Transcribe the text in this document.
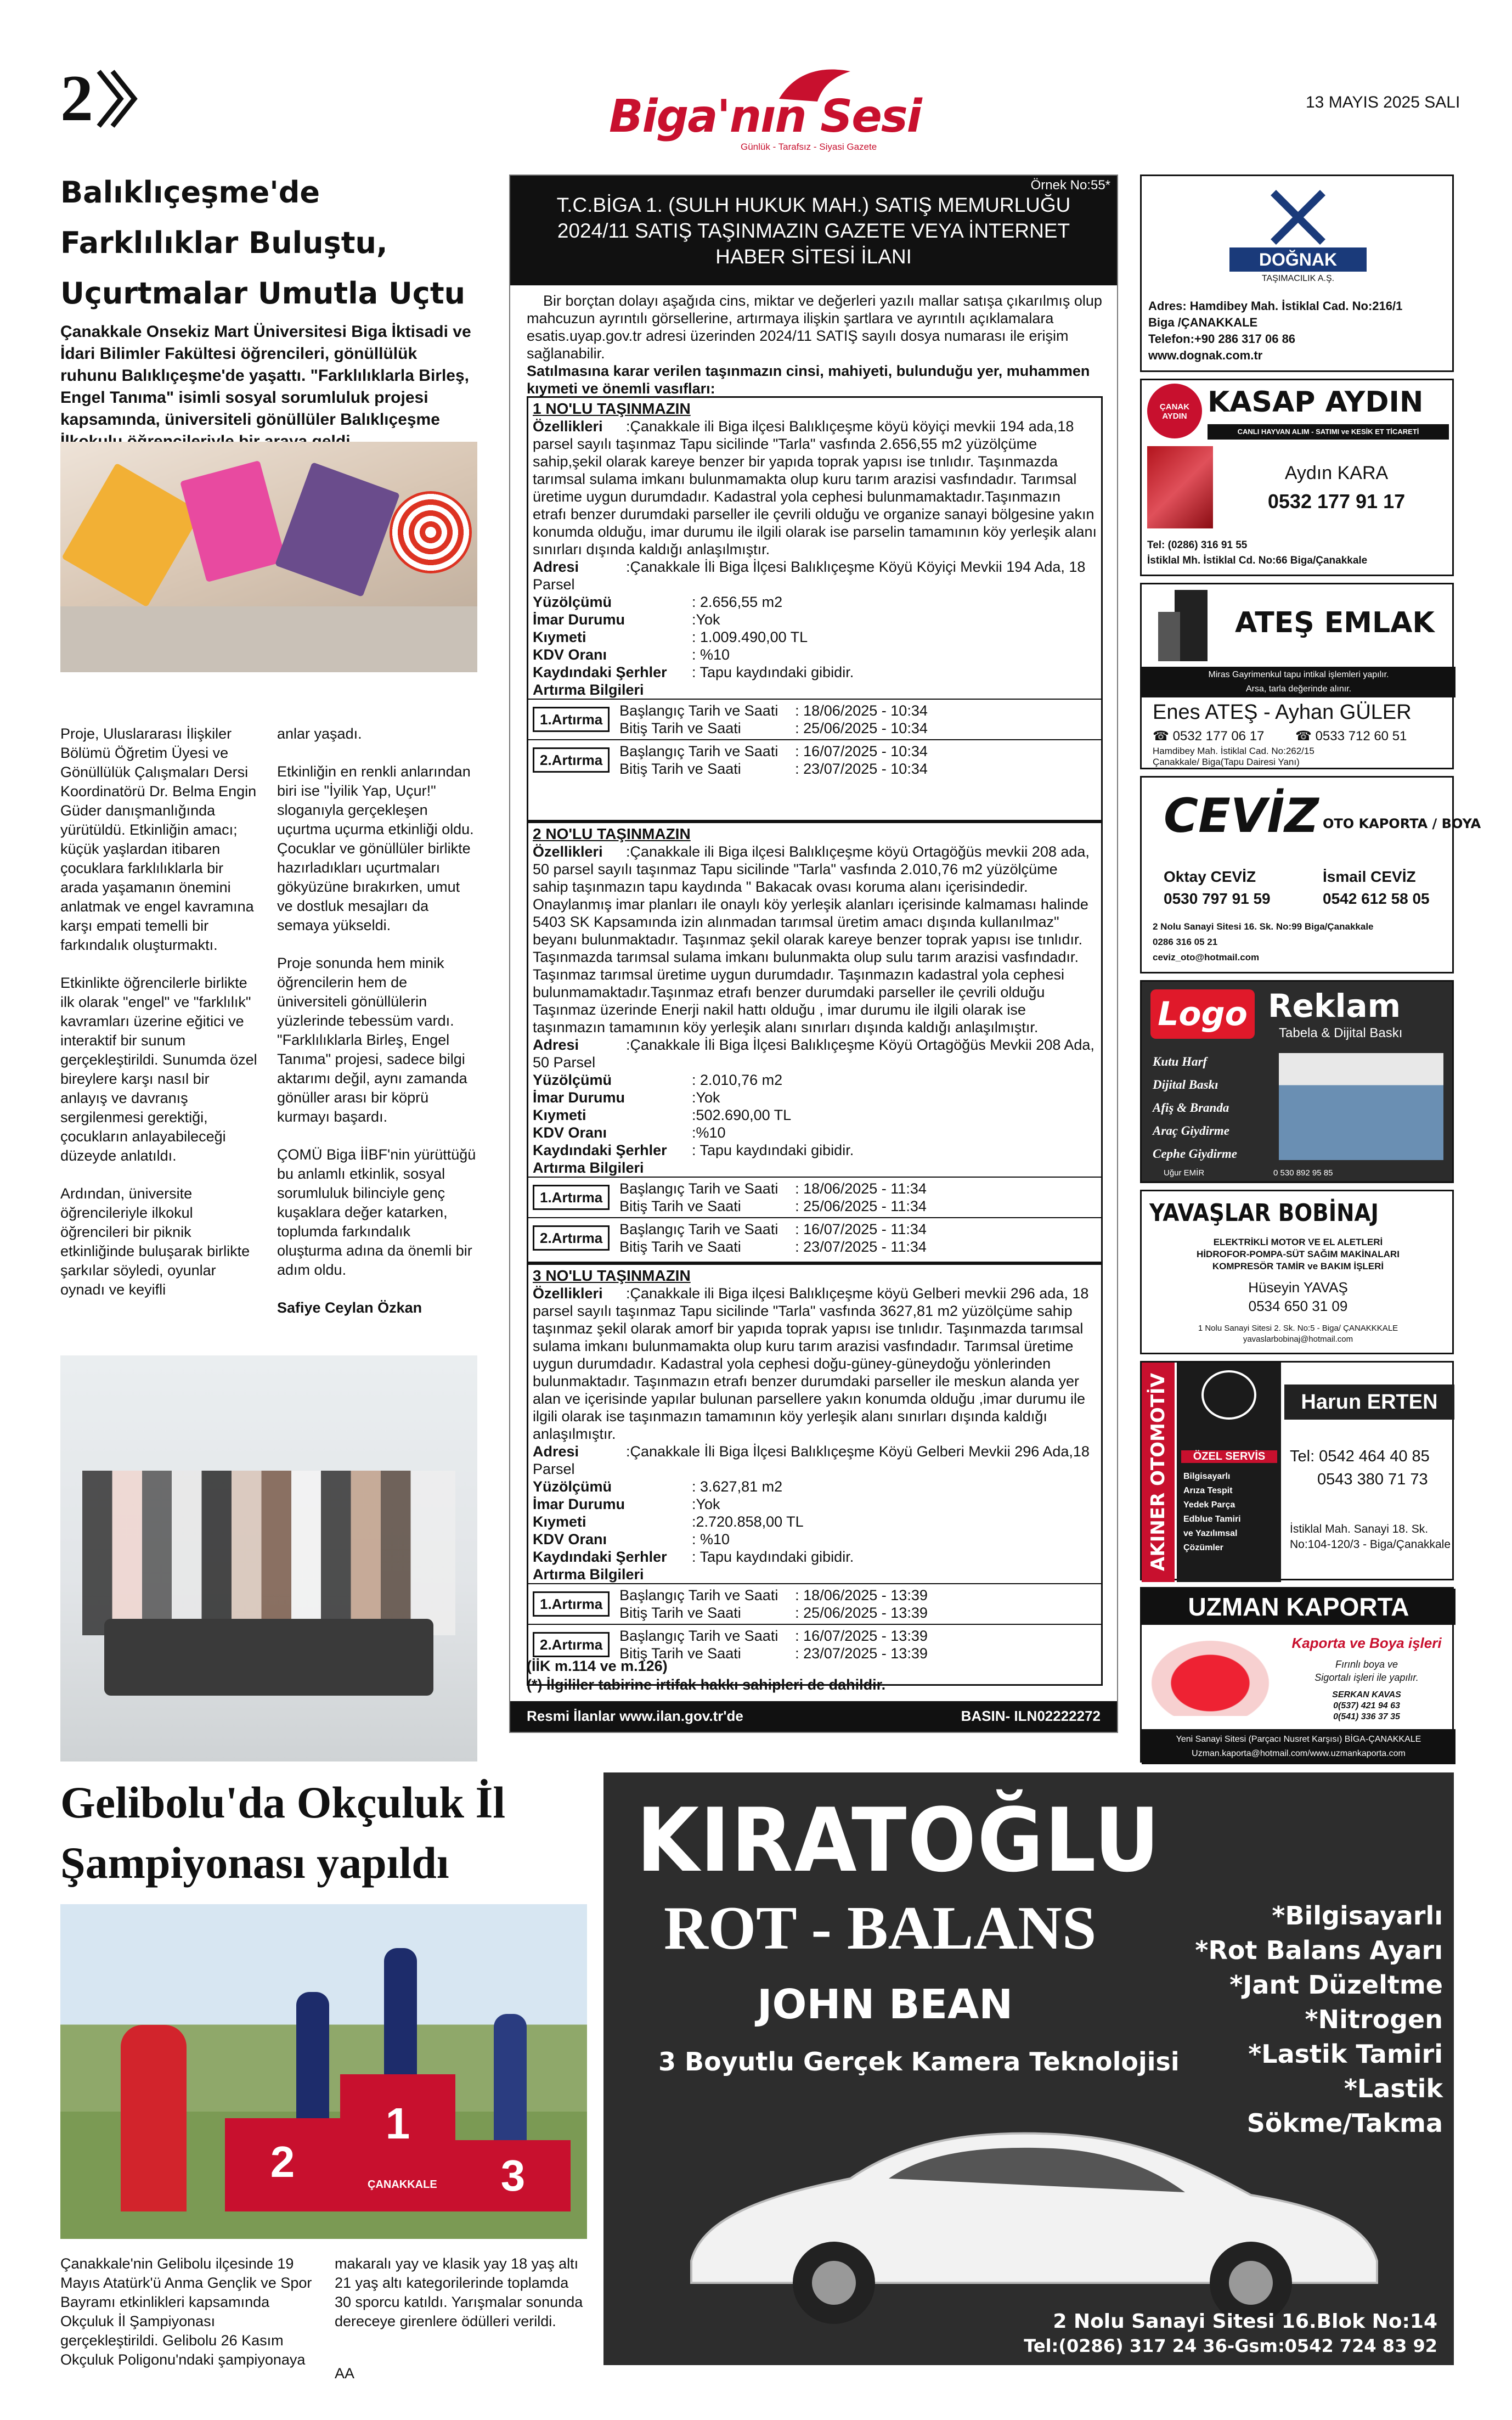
2	Biga'nın Sesi
Günlük - Tarafsız - Siyasi Gazete
13 MAYIS 2025 SALI
Balıklıçeşme'de
Farklılıklar Buluştu,
Uçurtmalar Umutla Uçtu
Çanakkale Onsekiz Mart Üniversitesi Biga İktisadi ve İdari Bilimler Fakültesi öğrencileri, gönüllülük ruhunu Balıklıçeşme'de yaşattı. "Farklılıklarla Birleş, Engel Tanıma" isimli sosyal sorumluluk projesi kapsamında, üniversiteli gönüllüler Balıklıçeşme

Proje, Uluslararası İlişkiler Bölümü Öğretim Üyesi ve Gönüllülük Çalışmaları Dersi Koordinatörü Dr. Belma Engin Güder danışmanlığında yürütüldü. Etkinliğin amacı; küçük yaşlardan itibaren çocuklara farklılıklarla bir arada yaşamanın önemini anlatmak ve engel kavramına karşı empati temelli bir farkındalık oluşturmaktı.

Etkinlikte öğrencilerle birlikte ilk olarak "engel" ve "farklılık" kavramları üzerine eğitici ve interaktif bir sunum gerçekleştirildi. Sunumda özel bireylere karşı nasıl bir anlayış ve davranış sergilenmesi gerektiği, çocukların anlayabileceği düzeyde anlatıldı.

Ardından, üniversite öğrencileriyle ilkokul öğrencileri bir piknik etkinliğinde buluşarak birlikte şarkılar söyledi, oyunlar oynadı ve keyifli

anlar yaşadı.

Etkinliğin en renkli anlarından biri ise "İyilik Yap, Uçur!" sloganıyla gerçekleşen uçurtma uçurma etkinliği oldu. Çocuklar ve gönüllüler birlikte hazırladıkları uçurtmaları gökyüzüne bırakırken, umut ve dostluk mesajları da semaya yükseldi.

Proje sonunda hem minik öğrencilerin hem de üniversiteli gönüllülerin yüzlerinde tebessüm vardı. "Farklılıklarla Birleş, Engel Tanıma" projesi, sadece bilgi aktarımı değil, aynı zamanda gönüller arası bir köprü kurmayı başardı.

ÇOMÜ Biga İİBF'nin yürüttüğü bu anlamlı etkinlik, sosyal sorumluluk bilinciyle genç kuşaklara değer katarken, toplumda farkındalık oluşturma adına da önemli bir adım oldu.

Safiye Ceylan Özkan

Örnek No:55*
T.C.BİGA 1. (SULH HUKUK MAH.) SATIŞ MEMURLUĞU 2024/11 SATIŞ TAŞINMAZIN GAZETE VEYA İNTERNET HABER SİTESİ İLANI
Bir borçtan dolayı aşağıda cins, miktar ve değerleri yazılı mallar satışa çıkarılmış olup mahcuzun ayrıntılı görsellerine, artırmaya ilişkin şartlara ve ayrıntılı açıklamalara esatis.uyap.gov.tr adresi üzerinden 2024/11 SATIŞ sayılı dosya numarası ile erişim sağlanabilir.
Satılmasına karar verilen taşınmazın cinsi, mahiyeti, bulunduğu yer, muhammen kıymeti ve önemli vasıfları:
1 NO'LU TAŞINMAZIN
Özellikleri :Çanakkale ili Biga ilçesi Balıklıçeşme köyü köyiçi mevkii 194 ada,18 parsel sayılı taşınmaz Tapu sicilinde "Tarla" vasfında 2.656,55 m2 yüzölçüme sahip,şekil olarak kareye benzer bir yapıda toprak yapısı ise tınlıdır. Taşınmazda tarımsal sulama imkanı bulunmamakta olup kuru tarım arazisi vasfındadır. Tarımsal üretime uygun durumdadır. Kadastral yola cephesi bulunmamaktadır.Taşınmazın etrafı benzer durumdaki parseller ile çevrili olduğu ve organize sanayi bölgesine yakın konumda olduğu, imar durumu ile ilgili olarak ise parselin tamamının köy yerleşik alanı sınırları dışında kaldığı anlaşılmıştır.
Adresi	:Çanakkale İli Biga İlçesi Balıklıçeşme Köyü Köyiçi Mevkii 194 Ada, 18 Parsel
Yüzölçümü	: 2.656,55 m2
İmar Durumu	:Yok
Kıymeti	: 1.009.490,00 TL
KDV Oranı	: %10
Kaydındaki Şerhler : Tapu kaydındaki gibidir.
Artırma Bilgileri
1.Artırma
Başlangıç Tarih ve Saati : 18/06/2025 - 10:34
Bitiş Tarih ve Saati	: 25/06/2025 - 10:34
2.Artırma
Başlangıç Tarih ve Saati : 16/07/2025 - 10:34
Bitiş Tarih ve Saati	: 23/07/2025 - 10:34
2 NO'LU TAŞINMAZIN
Özellikleri :Çanakkale ili Biga ilçesi Balıklıçeşme köyü Ortagöğüs mevkii 208 ada, 50 parsel sayılı taşınmaz Tapu sicilinde "Tarla" vasfında 2.010,76 m2 yüzölçüme sahip taşınmazın tapu kaydında " Bakacak ovası koruma alanı içerisindedir. Onaylanmış imar planları ile onaylı köy yerleşik alanları içerisinde kalmaması halinde 5403 SK Kapsamında izin alınmadan tarımsal üretim amacı dışında kullanılmaz" beyanı bulunmaktadır. Taşınmaz şekil olarak kareye benzer toprak yapısı ise tınlıdır. Taşınmazda tarımsal sulama imkanı bulunmakta olup sulu tarım arazisi vasfındadır. Taşınmaz tarımsal üretime uygun durumdadır. Taşınmazın kadastral yola cephesi bulunmamaktadır.Taşınmaz etrafı benzer durumdaki parseller ile çevrili olduğu Taşınmaz üzerinde Enerji nakil hattı olduğu , imar durumu ile ilgili olarak ise taşınmazın tamamının köy yerleşik alanı sınırları dışında kaldığı anlaşılmıştır.
Adresi	:Çanakkale İli Biga İlçesi Balıklıçeşme Köyü Ortagöğüs Mevkii 208 Ada, 50 Parsel
Yüzölçümü	: 2.010,76 m2
İmar Durumu	:Yok
Kıymeti	:502.690,00 TL
KDV Oranı	:%10
Kaydındaki Şerhler : Tapu kaydındaki gibidir.
Artırma Bilgileri
1.Artırma
Başlangıç Tarih ve Saati : 18/06/2025 - 11:34
Bitiş Tarih ve Saati	: 25/06/2025 - 11:34
2.Artırma
Başlangıç Tarih ve Saati : 16/07/2025 - 11:34
Bitiş Tarih ve Saati	: 23/07/2025 - 11:34
3 NO'LU TAŞINMAZIN
Özellikleri :Çanakkale ili Biga ilçesi Balıklıçeşme köyü Gelberi mevkii 296 ada, 18 parsel sayılı taşınmaz Tapu sicilinde "Tarla" vasfında 3627,81 m2 yüzölçüme sahip taşınmaz şekil olarak amorf bir yapıda toprak yapısı ise tınlıdır. Taşınmazda tarımsal sulama imkanı bulunmamakta olup kuru tarım arazisi vasfındadır. Tarımsal üretime uygun durumdadır. Kadastral yola cephesi doğu-güney-güneydoğu yönlerinden bulunmaktadır. Taşınmazın etrafı benzer durumdaki parseller ile meskun alanda yer alan ve içerisinde yapılar bulunan parsellere yakın konumda olduğu ,imar durumu ile ilgili olarak ise taşınmazın tamamının köy yerleşik alanı sınırları dışında kaldığı anlaşılmıştır.
Adresi	:Çanakkale İli Biga İlçesi Balıklıçeşme Köyü Gelberi Mevkii 296 Ada,18 Parsel
Yüzölçümü	: 3.627,81 m2
İmar Durumu	:Yok
Kıymeti	:2.720.858,00 TL
KDV Oranı	: %10
Kaydındaki Şerhler : Tapu kaydındaki gibidir.
Artırma Bilgileri
1.Artırma
Başlangıç Tarih ve Saati : 18/06/2025 - 13:39
Bitiş Tarih ve Saati	: 25/06/2025 - 13:39
2.Artırma
Başlangıç Tarih ve Saati : 16/07/2025 - 13:39
Bitiş Tarih ve Saati	: 23/07/2025 - 13:39
(İİK m.114 ve m.126)
(*) İlgililer tabirine irtifak hakkı sahipleri de dahildir.
Resmi İlanlar www.ilan.gov.tr'de	BASIN- ILN02222272
DOĞNAK
TAŞIMACILIK A.Ş.
Adres: Hamdibey Mah. İstiklal Cad. No:216/1
Biga /ÇANAKKALE
Telefon:+90 286 317 06 86
www.dognak.com.tr
ÇANAK AYDIN KASAP AYDIN
CANLI HAYVAN ALIM - SATIMI ve KESİK ET TİCARETİ
Aydın KARA
0532 177 91 17
Tel: (0286) 316 91 55
İstiklal Mh. İstiklal Cd. No:66 Biga/Çanakkale
ATEŞ EMLAK
Miras Gayrimenkul tapu intikal işlemleri yapılır.
Arsa, tarla değerinde alınır.
Enes ATEŞ - Ayhan GÜLER
☎ 0532 177 06 17 ☎ 0533 712 60 51
Hamdibey Mah. İstiklal Cad. No:262/15
Çanakkale/ Biga(Tapu Dairesi Yanı)
CEVİZ OTO KAPORTA / BOYA
Oktay CEVİZ	İsmail CEVİZ
0530 797 91 59	0542 612 58 05
2 Nolu Sanayi Sitesi 16. Sk. No:99 Biga/Çanakkale
0286 316 05 21
ceviz_oto@hotmail.com
Logo Reklam
Tabela & Dijital Baskı
Kutu Harf
Dijital Baskı
Afiş & Branda
Araç Giydirme
Cephe Giydirme
Uğur EMİR	0 530 892 95 85
YAVAŞLAR BOBİNAJ
ELEKTRİKLİ MOTOR VE EL ALETLERİ
HİDROFOR-POMPA-SÜT SAĞIM MAKİNALARI
KOMPRESÖR TAMİR ve BAKIM İŞLERİ
Hüseyin YAVAŞ
0534 650 31 09
1 Nolu Sanayi Sitesi 2. Sk. No:5 - Biga/ ÇANAKKKALE
yavaslarbobinaj@hotmail.com
AKINER OTOMOTİV	ÖZEL SERVİS
Bilgisayarlı
Arıza Tespit
Yedek Parça
Edblue Tamiri
ve Yazılımsal
Çözümler
Harun ERTEN
Tel: 0542 464 40 85
0543 380 71 73
İstiklal Mah. Sanayi 18. Sk.
No:104-120/3 - Biga/Çanakkale
UZMAN KAPORTA
Kaporta ve Boya işleri
Fırınlı boya ve
Sigortalı işleri ile yapılır.
SERKAN KAVAS
0(537) 421 94 63
0(541) 336 37 35
Yeni Sanayi Sitesi (Parçacı Nusret Karşısı) BİGA-ÇANAKKALE
Uzman.kaporta@hotmail.com/www.uzmankaporta.com
Gelibolu'da Okçuluk İl
Şampiyonası yapıldı
2
1
3
ÇANAKKALE
Çanakkale'nin Gelibolu ilçesinde 19 Mayıs Atatürk'ü Anma Gençlik ve Spor Bayramı etkinlikleri kapsamında Okçuluk İl Şampiyonası gerçekleştirildi. Gelibolu 26 Kasım Okçuluk Poligonu'ndaki şampiyonaya

makaralı yay ve klasik yay 18 yaş altı 21 yaş altı kategorilerinde toplamda 30 sporcu katıldı. Yarışmalar sonunda dereceye girenlere ödülleri verildi.

AA

KIRATOĞLU
ROT - BALANS
JOHN BEAN
3 Boyutlu Gerçek Kamera Teknolojisi
*Bilgisayarlı
*Rot Balans Ayarı
*Jant Düzeltme
*Nitrogen
*Lastik Tamiri
*Lastik Sökme/Takma
2 Nolu Sanayi Sitesi 16.Blok No:14
Tel:(0286) 317 24 36-Gsm:0542 724 83 92
